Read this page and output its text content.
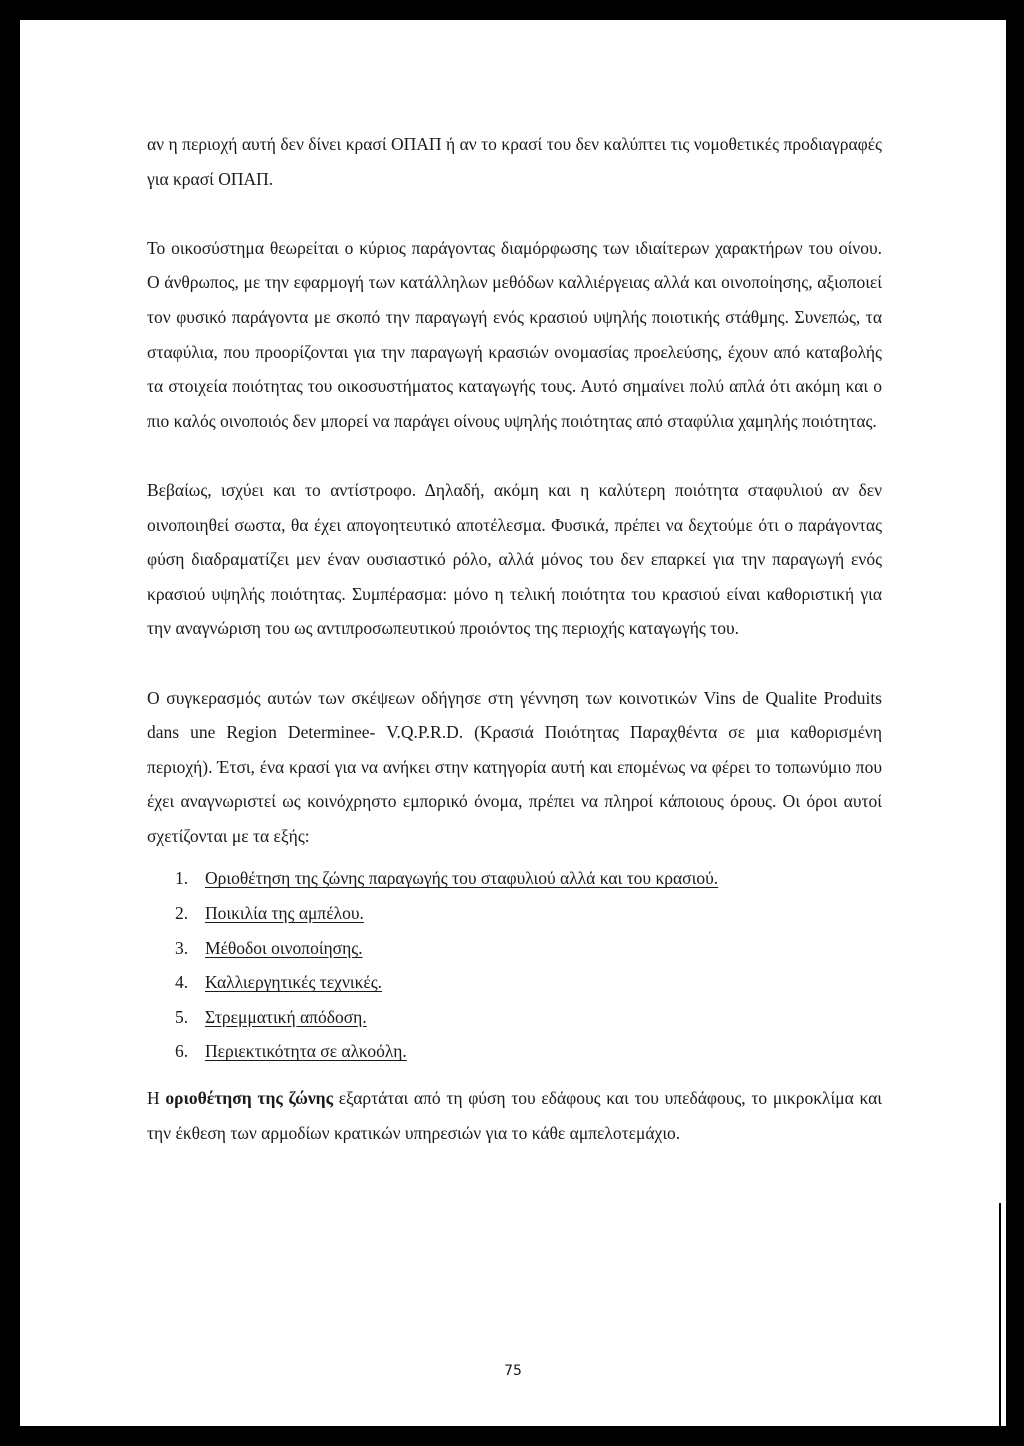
αν η περιοχή αυτή δεν δίνει κρασί ΟΠΑΠ ή αν το κρασί του δεν καλύπτει τις νομοθετικές προδιαγραφές για κρασί ΟΠΑΠ.

Το οικοσύστημα θεωρείται ο κύριος παράγοντας διαμόρφωσης των ιδιαίτερων χαρακτήρων του οίνου. Ο άνθρωπος, με την εφαρμογή των κατάλληλων μεθόδων καλλιέργειας αλλά και οινοποίησης, αξιοποιεί τον φυσικό παράγοντα με σκοπό την παραγωγή ενός κρασιού υψηλής ποιοτικής στάθμης. Συνεπώς, τα σταφύλια, που προορίζονται για την παραγωγή κρασιών ονομασίας προελεύσης, έχουν από καταβολής τα στοιχεία ποιότητας του οικοσυστήματος καταγωγής τους. Αυτό σημαίνει πολύ απλά ότι ακόμη και ο πιο καλός οινοποιός δεν μπορεί να παράγει οίνους υψηλής ποιότητας από σταφύλια χαμηλής ποιότητας.

Βεβαίως, ισχύει και το αντίστροφο. Δηλαδή, ακόμη και η καλύτερη ποιότητα σταφυλιού αν δεν οινοποιηθεί σωστα, θα έχει απογοητευτικό αποτέλεσμα. Φυσικά, πρέπει να δεχτούμε ότι ο παράγοντας φύση διαδραματίζει μεν έναν ουσιαστικό ρόλο, αλλά μόνος του δεν επαρκεί για την παραγωγή ενός κρασιού υψηλής ποιότητας. Συμπέρασμα: μόνο η τελική ποιότητα του κρασιού είναι καθοριστική για την αναγνώριση του ως αντιπροσωπευτικού προιόντος της περιοχής καταγωγής του.

Ο συγκερασμός αυτών των σκέψεων οδήγησε στη γέννηση των κοινοτικών Vins de Qualite Produits dans une Region Determinee- V.Q.P.R.D. (Κρασιά Ποιότητας Παραχθέντα σε μια καθορισμένη περιοχή). Έτσι, ένα κρασί για να ανήκει στην κατηγορία αυτή και επομένως να φέρει το τοπωνύμιο που έχει αναγνωριστεί ως κοινόχρηστο εμπορικό όνομα, πρέπει να πληροί κάποιους όρους. Οι όροι αυτοί σχετίζονται με τα εξής:

1. Οριοθέτηση της ζώνης παραγωγής του σταφυλιού αλλά και του κρασιού.
2. Ποικιλία της αμπέλου.
3. Μέθοδοι οινοποίησης.
4. Καλλιεργητικές τεχνικές.
5. Στρεμματική απόδοση.
6. Περιεκτικότητα σε αλκοόλη.

Η οριοθέτηση της ζώνης εξαρτάται από τη φύση του εδάφους και του υπεδάφους, το μικροκλίμα και την έκθεση των αρμοδίων κρατικών υπηρεσιών για το κάθε αμπελοτεμάχιο.

75
